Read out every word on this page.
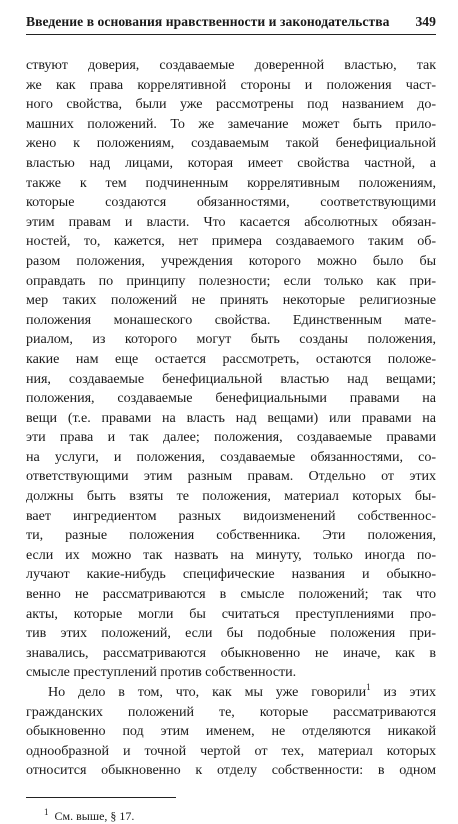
Введение в основания нравственности и законодательства 349
ствуют доверия, создаваемые доверенной властью, так
же как права коррелятивной стороны и положения част-
ного свойства, были уже рассмотрены под названием до-
машних положений. То же замечание может быть прило-
жено к положениям, создаваемым такой бенефициальной
властью над лицами, которая имеет свойства частной, а
также к тем подчиненным коррелятивным положениям,
которые создаются обязанностями, соответствующими
этим правам и власти. Что касается абсолютных обязан-
ностей, то, кажется, нет примера создаваемого таким об-
разом положения, учреждения которого можно было бы
оправдать по принципу полезности; если только как при-
мер таких положений не принять некоторые религиозные
положения монашеского свойства. Единственным мате-
риалом, из которого могут быть созданы положения,
какие нам еще остается рассмотреть, остаются положе-
ния, создаваемые бенефициальной властью над вещами;
положения, создаваемые бенефициальными правами на
вещи (т.е. правами на власть над вещами) или правами на
эти права и так далее; положения, создаваемые правами
на услуги, и положения, создаваемые обязанностями, со-
ответствующими этим разным правам. Отдельно от этих
должны быть взяты те положения, материал которых бы-
вает ингредиентом разных видоизменений собственнос-
ти, разные положения собственника. Эти положения,
если их можно так назвать на минуту, только иногда по-
лучают какие-нибудь специфические названия и обыкно-
венно не рассматриваются в смысле положений; так что
акты, которые могли бы считаться преступлениями про-
тив этих положений, если бы подобные положения при-
знавались, рассматриваются обыкновенно не иначе, как в
смысле преступлений против собственности.
Но дело в том, что, как мы уже говорили$^1$ из этих
гражданских положений те, которые рассматриваются
обыкновенно под этим именем, не отделяются никакой
однообразной и точной чертой от тех, материал которых
относится обыкновенно к отделу собственности: в одном
$^1$ См. выше, § 17.
